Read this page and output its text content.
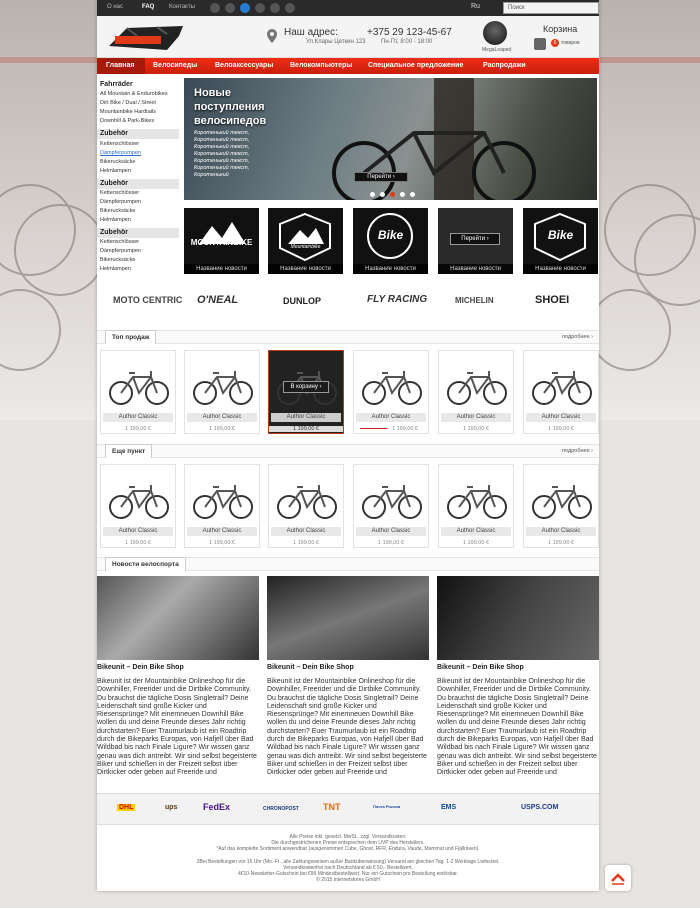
О нас	FAQ Контакты	Ru	Поиск
Наш адрес:
Ул.Клары Цеткин 123
+375 29 123-45-67
Пн-Пт, 8:00 - 18:00
MegaLoaped
Корзина
6 товаров
Главная	Велосипеды	Велоаксессуары Велокомпьютеры Специальное предложение	Распродажи
Fahrräder
All Mountain & Endurobikes
Dirt Bike / Dual / Street
Mountainbike Hardtails
Downhill & Park-Bikes
Zubehör
Kettenschlösser
Dämpferpumpen
Bikerucksäcke
Helmlampen
Zubehör
Kettenschlösser
Dämpferpumpen
Bikerucksäcke
Helmlampen
Zubehör
Kettenschlösser
Dämpferpumpen
Bikerucksäcke
Helmlampen
Новые поступления велосипедов
Коротенький текст, Коротенький текст, Коротенький текст, Коротенький текст, Коротенький текст, Коротенький текст, Коротенький	Перейти ›
MOUNTAINBIKE
Название новости
Mountainbike
Название новости
Bike
Название новости
Перейти ›
Название новости
Bike
Название новости
MOTO CENTRIC O'NEAL	DUNLOP	FLY RACING	MICHELIN	SHOEI
Топ продаж	подробнее ›
Author Classic
1 199,00 €
Author Classic
1 199,00 €
В корзину ›
Author Classic
1 199,00 €
Author Classic
————— 1 199,00 €
Author Classic
1 199,00 €
Author Classic
1 199,00 €
Еще пункт	подробнее ›
Author Classic
1 199,00 €
Author Classic
1 199,00 €
Author Classic
1 199,00 €
Author Classic
1 199,00 €
Author Classic
1 199,00 €
Author Classic
1 199,00 €
Новости велоспорта
Bikeunit – Dein Bike Shop
Bikeunit ist der Mountainbike Onlineshop für die Downhiller, Freerider und die Dirtbike Community. Du brauchst die tägliche Dosis Singletrail? Deine Leidenschaft sind große Kicker und Riesensprünge? Mit einemneuen Downhill Bike wollen du und deine Freunde dieses Jahr richtig durchstarten? Euer Traumurlaub ist ein Roadtrip durch die Bikeparks Europas, von Hafjell über Bad Wildbad bis nach Finale Ligure? Wir wissen ganz genau was dich antreibt. Wir sind selbst begeisterte Biker und schießen in der Freizeit selbst über Dirtkicker oder geben auf Freeride und
Bikeunit – Dein Bike Shop
Bikeunit ist der Mountainbike Onlineshop für die Downhiller, Freerider und die Dirtbike Community. Du brauchst die tägliche Dosis Singletrail? Deine Leidenschaft sind große Kicker und Riesensprünge? Mit einemneuen Downhill Bike wollen du und deine Freunde dieses Jahr richtig durchstarten? Euer Traumurlaub ist ein Roadtrip durch die Bikeparks Europas, von Hafjell über Bad Wildbad bis nach Finale Ligure? Wir wissen ganz genau was dich antreibt. Wir sind selbst begeisterte Biker und schießen in der Freizeit selbst über Dirtkicker oder geben auf Freeride und
Bikeunit – Dein Bike Shop
Bikeunit ist der Mountainbike Onlineshop für die Downhiller, Freerider und die Dirtbike Community. Du brauchst die tägliche Dosis Singletrail? Deine Leidenschaft sind große Kicker und Riesensprünge? Mit einemneuen Downhill Bike wollen du und deine Freunde dieses Jahr richtig durchstarten? Euer Traumurlaub ist ein Roadtrip durch die Bikeparks Europas, von Hafjell über Bad Wildbad bis nach Finale Ligure? Wir wissen ganz genau was dich antreibt. Wir sind selbst begeisterte Biker und schießen in der Freizeit selbst über Dirtkicker oder geben auf Freeride und
DHL	ups	FedEx	CHRONOPOST	TNT	Почта России	EMS	USPS.COM
Alle Preise inkl. gesetzl. MwSt., zzgl. Versandkosten.
Die durchgestrichenen Preise entsprechen dem UVP des Herstellers.
*Auf das komplette Sortiment anwendbar (ausgenommen Cube, Ghost, RFR, Endura, Vaude, Mammut und Fjällräven).
3Bei Bestellungen vor 16 Uhr (Mo.-Fr., alle Zahlungsweisen außer Banküberweisung) Versand am gleichen Tag. 1-2 Werktage Lieferzeit.
Versandkostenfrei nach Deutschland ab € 50,- Bestellwert.
4€10-Newsletter-Gutschein bei €99 Mindestbestellwert. Nur ein Gutschein pro Bestellung einlösbar.
© 2015 internetstores GmbH
